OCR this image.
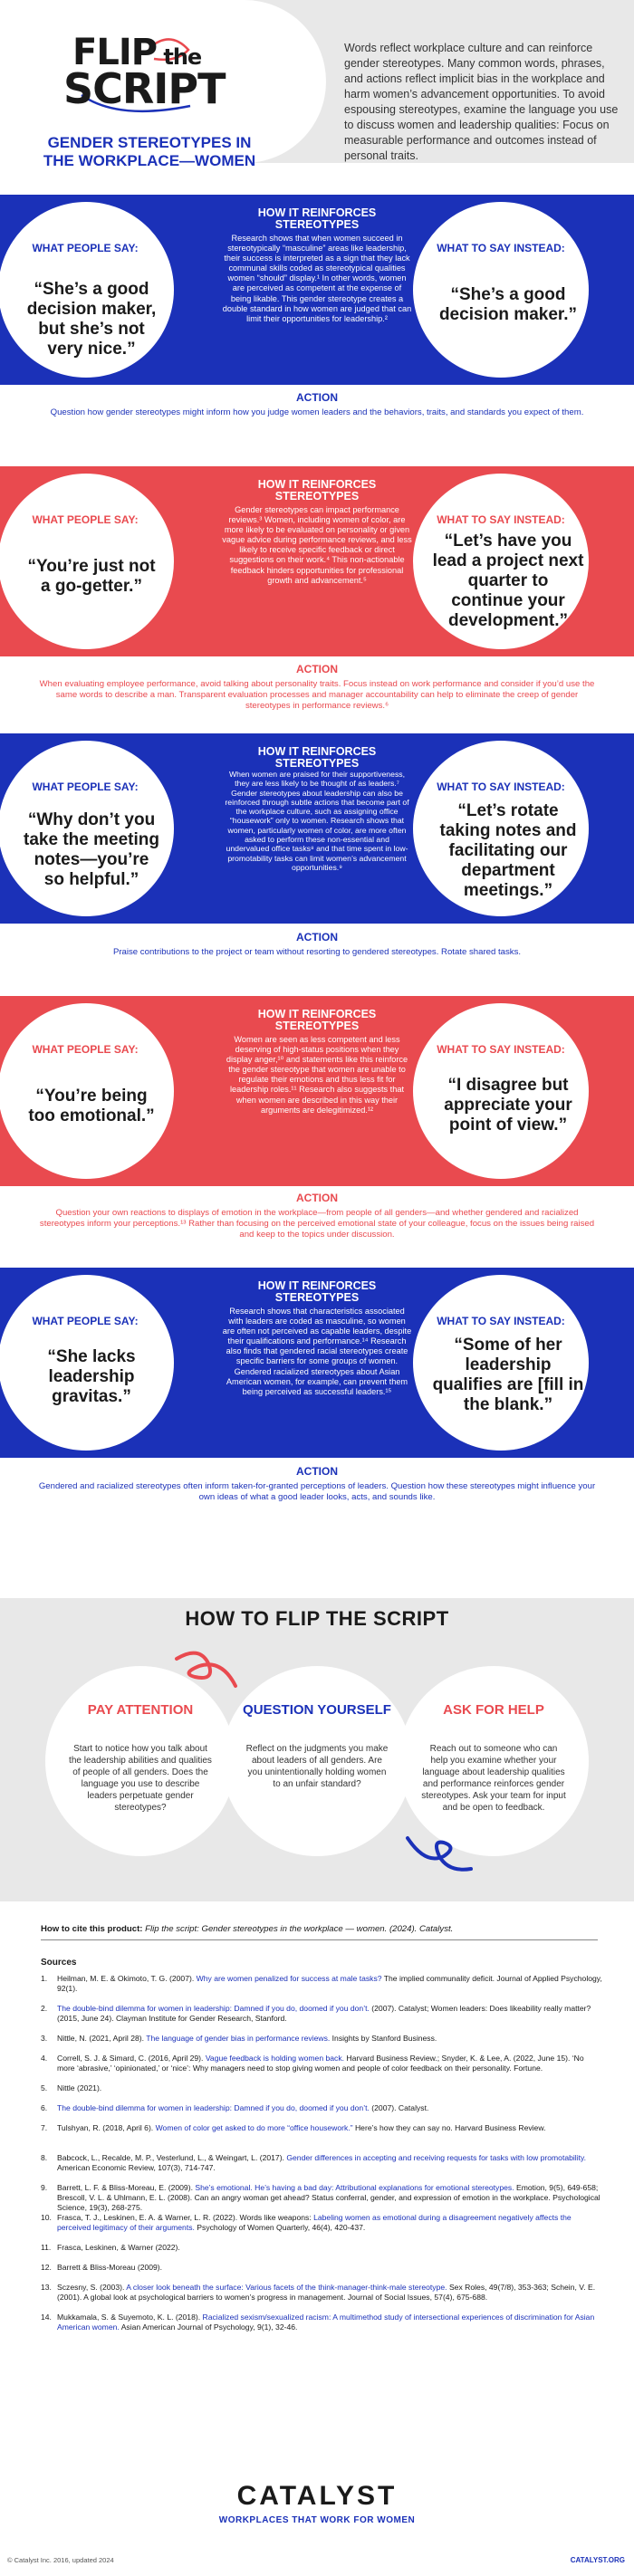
FLIP the
SCRIPT
GENDER STEREOTYPES IN THE WORKPLACE—WOMEN
Words reflect workplace culture and can reinforce gender stereotypes. Many common words, phrases, and actions reflect implicit bias in the workplace and harm women’s advancement opportunities. To avoid espousing stereotypes, examine the language you use to discuss women and leadership qualities: Focus on measurable performance and outcomes instead of personal traits.
WHAT PEOPLE SAY:
“She’s a good decision maker, but she’s not very nice.”
HOW IT REINFORCES STEREOTYPES
Research shows that when women succeed in stereotypically “masculine” areas like leadership, their success is interpreted as a sign that they lack communal skills coded as stereotypical qualities women “should” display.¹ In other words, women are perceived as competent at the expense of being likable. This gender stereotype creates a double standard in how women are judged that can limit their opportunities for leadership.²
WHAT TO SAY INSTEAD:
“She’s a good decision maker.”
ACTION
Question how gender stereotypes might inform how you judge women leaders and the behaviors, traits, and standards you expect of them.
WHAT PEOPLE SAY:
“You’re just not a go-getter.”
HOW IT REINFORCES STEREOTYPES
Gender stereotypes can impact performance reviews.³ Women, including women of color, are more likely to be evaluated on personality or given vague advice during performance reviews, and less likely to receive specific feedback or direct suggestions on their work.⁴ This non-actionable feedback hinders opportunities for professional growth and advancement.⁵
WHAT TO SAY INSTEAD:
“Let’s have you lead a project next quarter to continue your development.”
ACTION
When evaluating employee performance, avoid talking about personality traits. Focus instead on work performance and consider if you’d use the same words to describe a man. Transparent evaluation processes and manager accountability can help to eliminate the creep of gender stereotypes in performance reviews.⁶
WHAT PEOPLE SAY:
“Why don’t you take the meeting notes—you’re so helpful.”
HOW IT REINFORCES STEREOTYPES
When women are praised for their supportiveness, they are less likely to be thought of as leaders.⁷ Gender stereotypes about leadership can also be reinforced through subtle actions that become part of the workplace culture, such as assigning office “housework” only to women. Research shows that women, particularly women of color, are more often asked to perform these non-essential and undervalued office tasks⁸ and that time spent in low-promotability tasks can limit women’s advancement opportunities.⁹
WHAT TO SAY INSTEAD:
“Let’s rotate taking notes and facilitating our department meetings.”
ACTION
Praise contributions to the project or team without resorting to gendered stereotypes. Rotate shared tasks.
WHAT PEOPLE SAY:
“You’re being too emotional.”
HOW IT REINFORCES STEREOTYPES
Women are seen as less competent and less deserving of high-status positions when they display anger,¹⁰ and statements like this reinforce the gender stereotype that women are unable to regulate their emotions and thus less fit for leadership roles.¹¹ Research also suggests that when women are described in this way their arguments are delegitimized.¹²
WHAT TO SAY INSTEAD:
“I disagree but appreciate your point of view.”
ACTION
Question your own reactions to displays of emotion in the workplace—from people of all genders—and whether gendered and racialized stereotypes inform your perceptions.¹³ Rather than focusing on the perceived emotional state of your colleague, focus on the issues being raised and keep to the topics under discussion.
WHAT PEOPLE SAY:
“She lacks leadership gravitas.”
HOW IT REINFORCES STEREOTYPES
Research shows that characteristics associated with leaders are coded as masculine, so women are often not perceived as capable leaders, despite their qualifications and performance.¹⁴ Research also finds that gendered racial stereotypes create specific barriers for some groups of women. Gendered racialized stereotypes about Asian American women, for example, can prevent them being perceived as successful leaders.¹⁵
WHAT TO SAY INSTEAD:
“Some of her leadership qualifies are [fill in the blank.”
ACTION
Gendered and racialized stereotypes often inform taken-for-granted perceptions of leaders. Question how these stereotypes might influence your own ideas of what a good leader looks, acts, and sounds like.
HOW TO FLIP THE SCRIPT
PAY ATTENTION
Start to notice how you talk about the leadership abilities and qualities of people of all genders. Does the language you use to describe leaders perpetuate gender stereotypes?
QUESTION YOURSELF
Reflect on the judgments you make about leaders of all genders. Are you unintentionally holding women to an unfair standard?
ASK FOR HELP
Reach out to someone who can help you examine whether your language about leadership qualities and performance reinforces gender stereotypes. Ask your team for input and be open to feedback.
How to cite this product: Flip the script: Gender stereotypes in the workplace — women. (2024). Catalyst.
Sources
1. Heilman, M. E. & Okimoto, T. G. (2007). Why are women penalized for success at male tasks? The implied communality deficit. Journal of Applied Psychology, 92(1).
2. The double-bind dilemma for women in leadership: Damned if you do, doomed if you don’t. (2007). Catalyst; Women leaders: Does likeability really matter? (2015, June 24). Clayman Institute for Gender Research, Stanford.
3. Nittle, N. (2021, April 28). The language of gender bias in performance reviews. Insights by Stanford Business.
4. Correll, S. J. & Simard, C. (2016, April 29). Vague feedback is holding women back. Harvard Business Review.; Snyder, K. & Lee, A. (2022, June 15). ‘No more ‘abrasive,’ ‘opinionated,’ or ‘nice’: Why managers need to stop giving women and people of color feedback on their personality. Fortune.
5. Nittle (2021).
6. The double-bind dilemma for women in leadership: Damned if you do, doomed if you don’t. (2007). Catalyst.
7. Tulshyan, R. (2018, April 6). Women of color get asked to do more “office housework.” Here’s how they can say no. Harvard Business Review.
8. Babcock, L., Recalde, M. P., Vesterlund, L., & Weingart, L. (2017). Gender differences in accepting and receiving requests for tasks with low promotability. American Economic Review, 107(3), 714-747.
9. Barrett, L. F. & Bliss-Moreau, E. (2009). She’s emotional. He’s having a bad day: Attributional explanations for emotional stereotypes. Emotion, 9(5), 649-658; Brescoll, V. L. & Uhlmann, E. L. (2008). Can an angry woman get ahead? Status conferral, gender, and expression of emotion in the workplace. Psychological Science, 19(3), 268-275.
10. Frasca, T. J., Leskinen, E. A. & Warner, L. R. (2022). Words like weapons: Labeling women as emotional during a disagreement negatively affects the perceived legitimacy of their arguments. Psychology of Women Quarterly, 46(4), 420-437.
11. Frasca, Leskinen, & Warner (2022).
12. Barrett & Bliss-Moreau (2009).
13. Sczesny, S. (2003). A closer look beneath the surface: Various facets of the think-manager-think-male stereotype. Sex Roles, 49(7/8), 353-363; Schein, V. E. (2001). A global look at psychological barriers to women’s progress in management. Journal of Social Issues, 57(4), 675-688.
14. Mukkamala, S. & Suyemoto, K. L. (2018). Racialized sexism/sexualized racism: A multimethod study of intersectional experiences of discrimination for Asian American women. Asian American Journal of Psychology, 9(1), 32-46.
CATALYST
WORKPLACES THAT WORK FOR WOMEN
© Catalyst Inc. 2016, updated 2024	CATALYST.ORG
